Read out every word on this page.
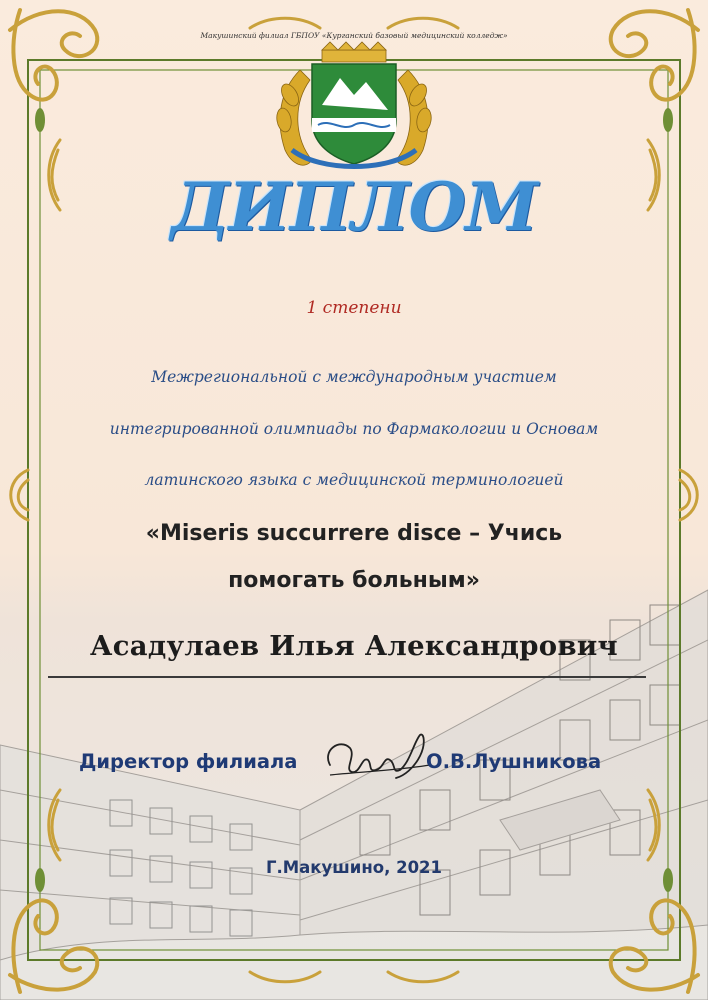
Макушинский филиал ГБПОУ «Курганский базовый медицинский колледж»
ДИПЛОМ
1 степени
Межрегиональной с международным участием
интегрированной олимпиады по Фармакологии и Основам
латинского языка с медицинской терминологией
«Miseris succurrere disce – Учись
помогать больным»
Асадулаев Илья Александрович
Директор филиала	О.В.Лушникова
Г.Макушино, 2021
